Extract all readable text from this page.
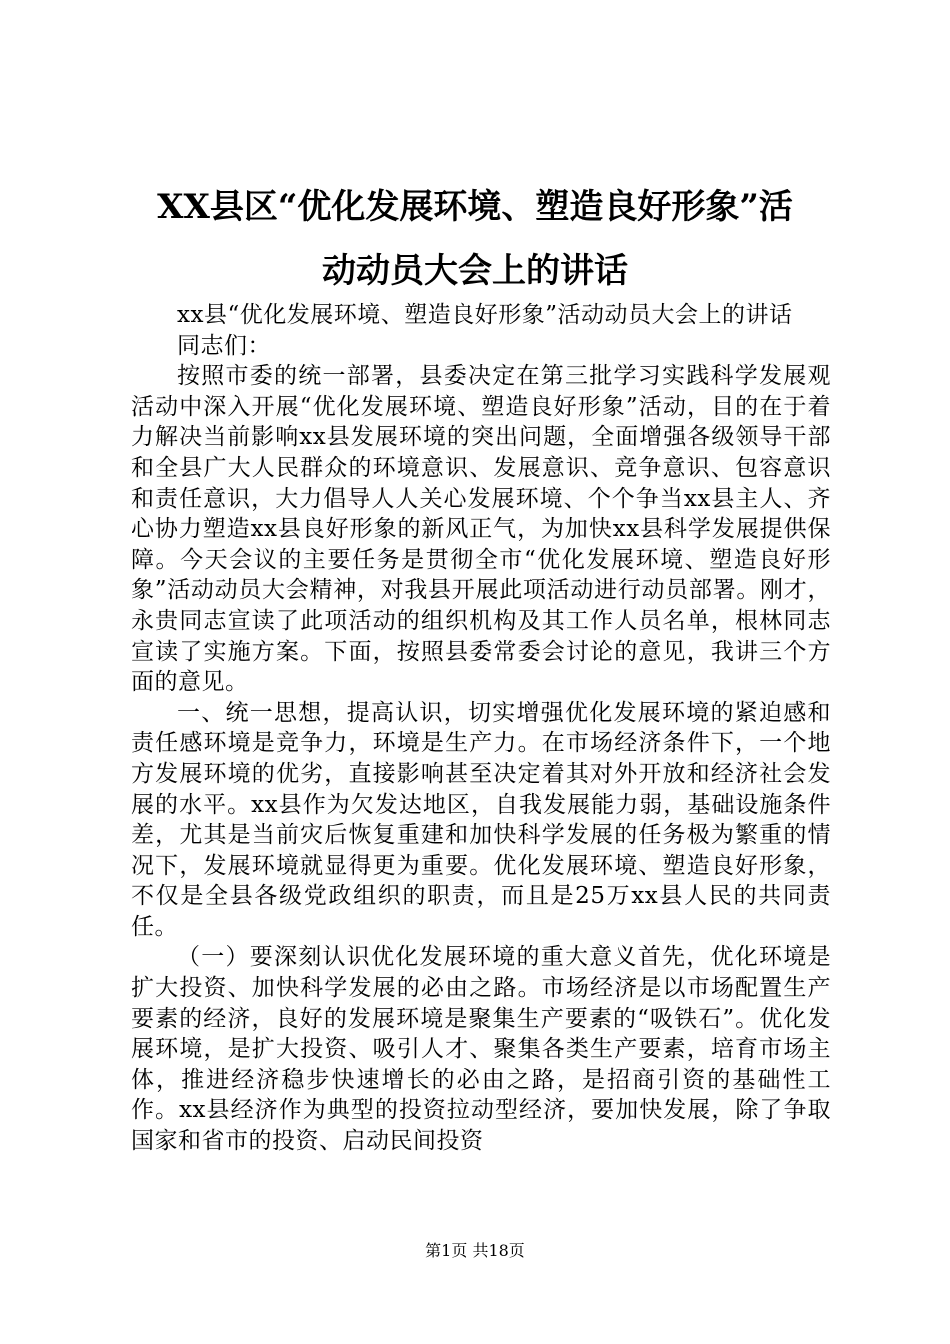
XX县区“优化发展环境、塑造良好形象”活
动动员大会上的讲话

xx县“优化发展环境、塑造良好形象”活动动员大会上的讲话

同志们：

按照市委的统一部署，县委决定在第三批学习实践科学发展观活动中深入开展“优化发展环境、塑造良好形象”活动，目的在于着力解决当前影响xx县发展环境的突出问题，全面增强各级领导干部和全县广大人民群众的环境意识、发展意识、竞争意识、包容意识和责任意识，大力倡导人人关心发展环境、个个争当xx县主人、齐心协力塑造xx县良好形象的新风正气，为加快xx县科学发展提供保障。今天会议的主要任务是贯彻全市“优化发展环境、塑造良好形象”活动动员大会精神，对我县开展此项活动进行动员部署。刚才，永贵同志宣读了此项活动的组织机构及其工作人员名单，根林同志宣读了实施方案。下面，按照县委常委会讨论的意见，我讲三个方面的意见。

一、统一思想，提高认识，切实增强优化发展环境的紧迫感和责任感环境是竞争力，环境是生产力。在市场经济条件下，一个地方发展环境的优劣，直接影响甚至决定着其对外开放和经济社会发展的水平。xx县作为欠发达地区，自我发展能力弱，基础设施条件差，尤其是当前灾后恢复重建和加快科学发展的任务极为繁重的情况下，发展环境就显得更为重要。优化发展环境、塑造良好形象，不仅是全县各级党政组织的职责，而且是25万xx县人民的共同责任。

（一）要深刻认识优化发展环境的重大意义首先，优化环境是扩大投资、加快科学发展的必由之路。市场经济是以市场配置生产要素的经济，良好的发展环境是聚集生产要素的“吸铁石”。优化发展环境，是扩大投资、吸引人才、聚集各类生产要素，培育市场主体，推进经济稳步快速增长的必由之路，是招商引资的基础性工作。xx县经济作为典型的投资拉动型经济，要加快发展，除了争取国家和省市的投资、启动民间投资

第1页 共18页
